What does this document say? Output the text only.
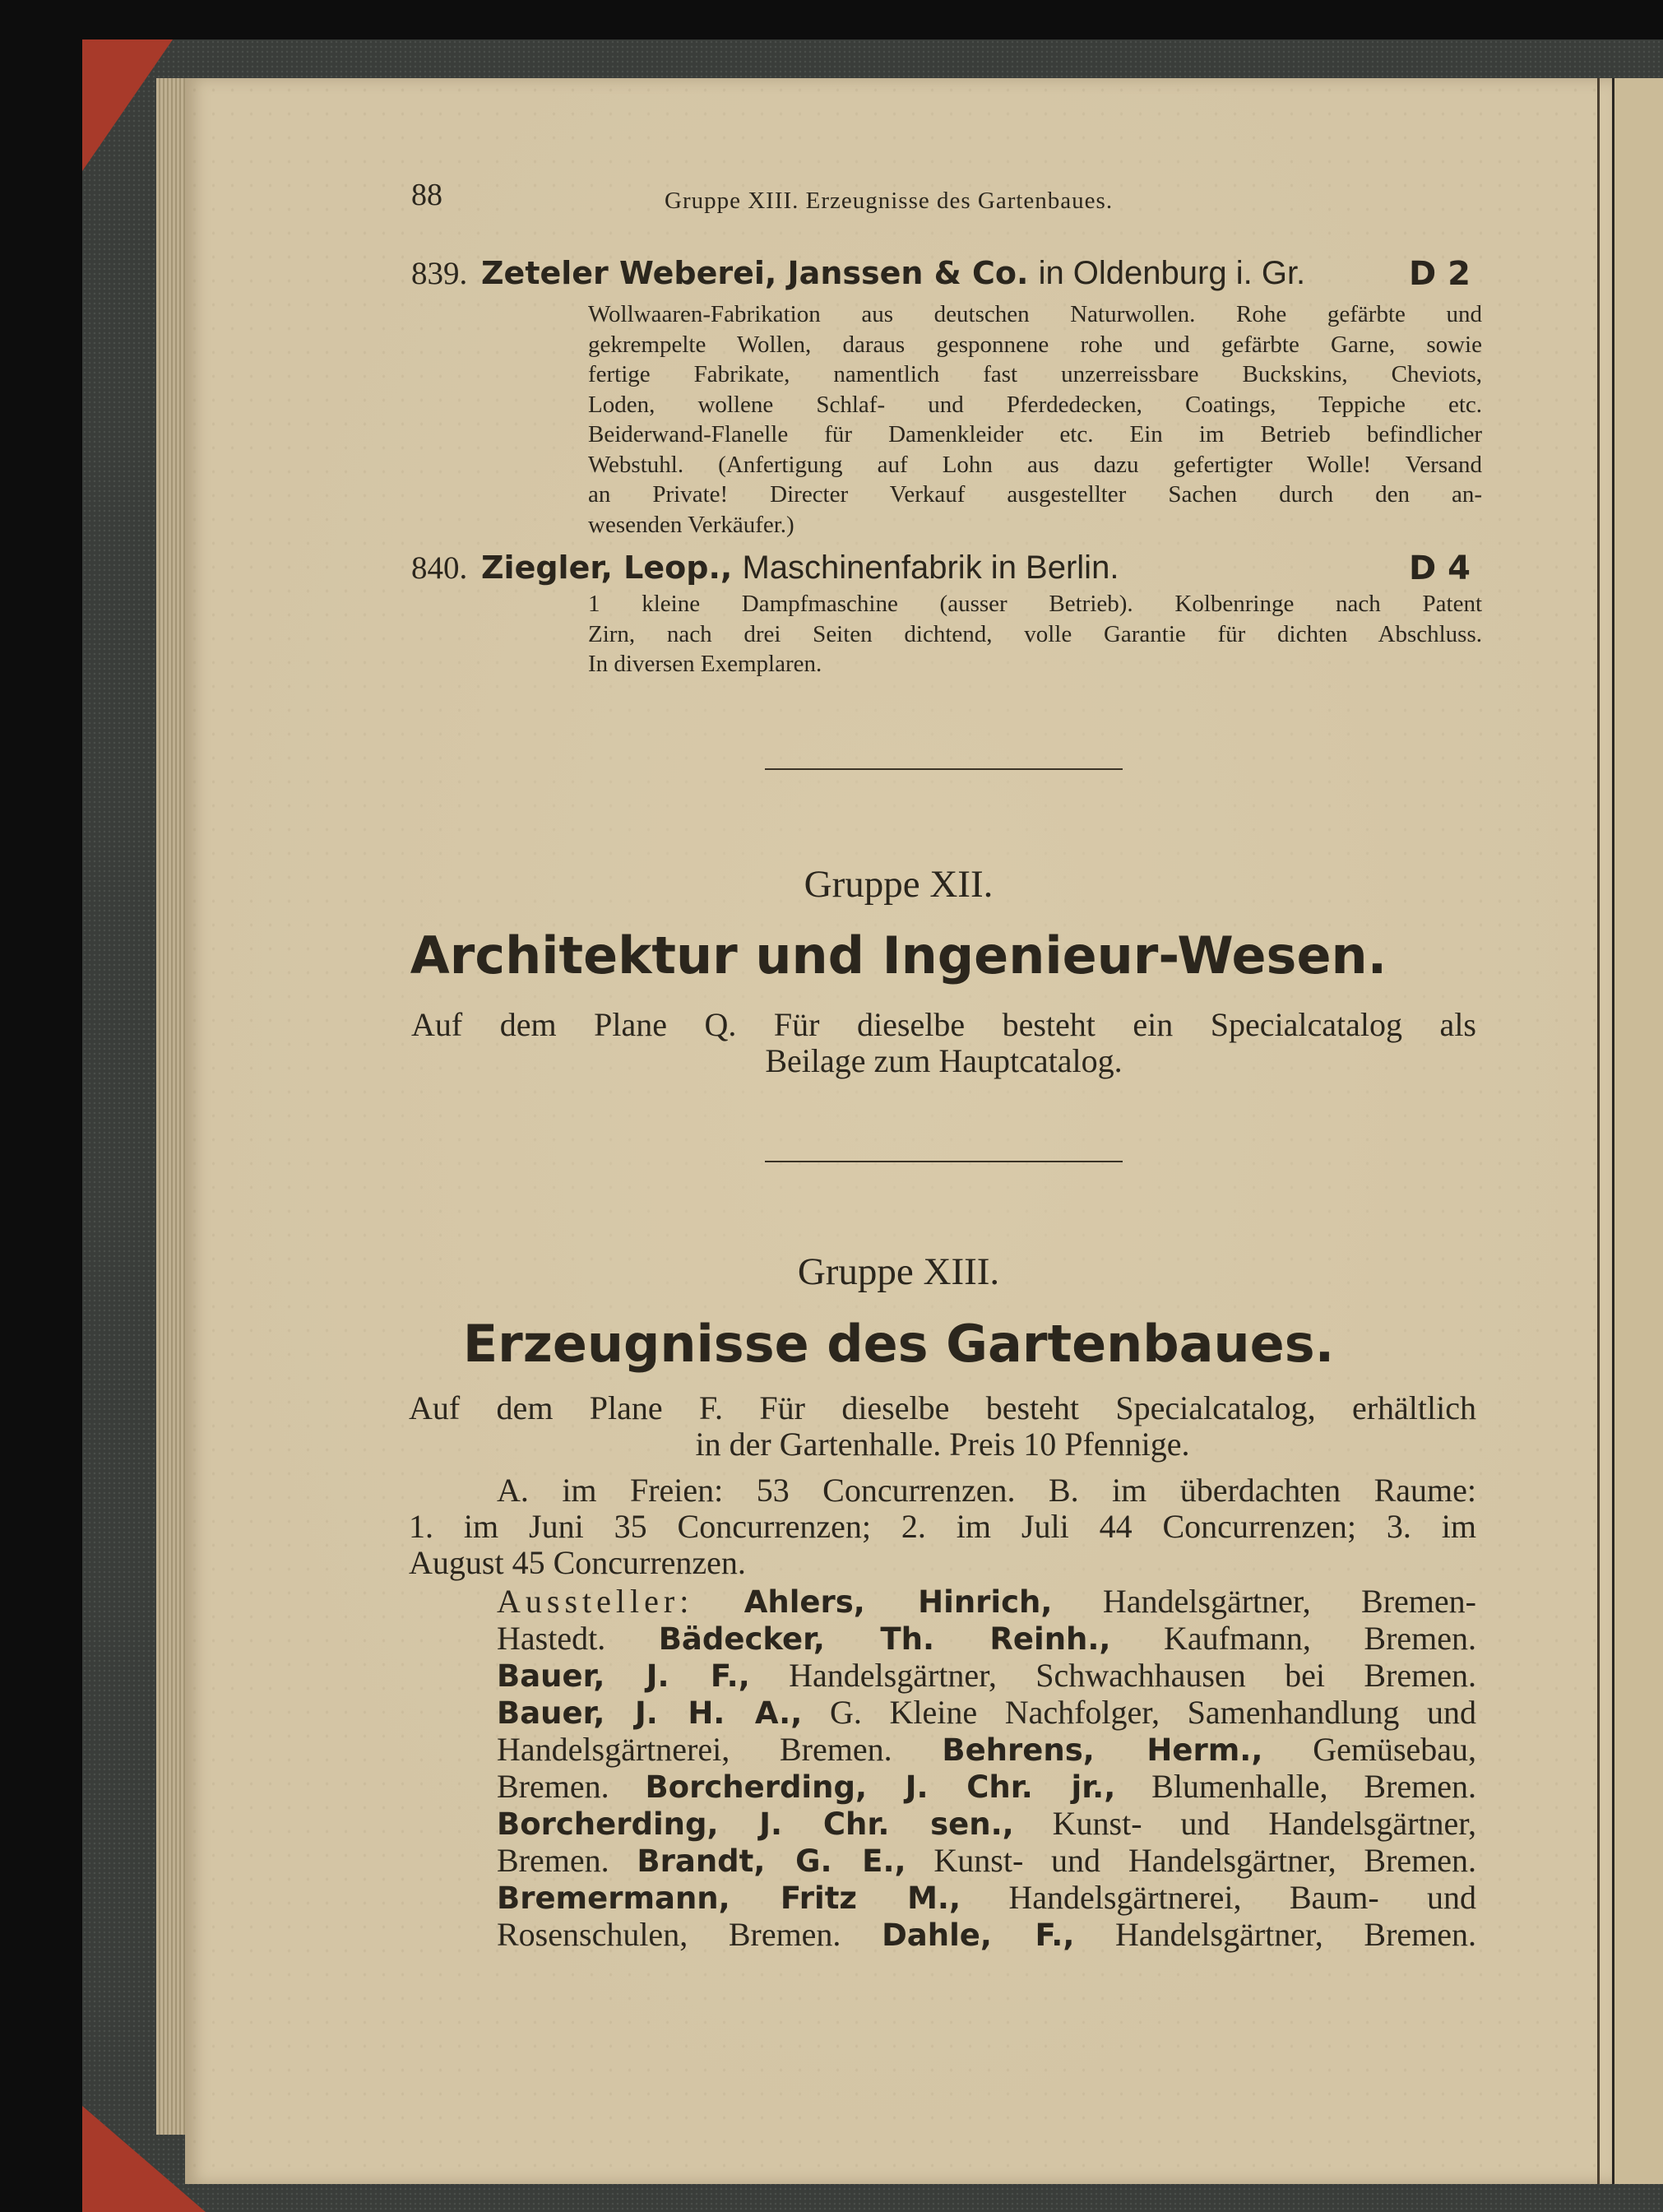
88	Gruppe XIII. Erzeugnisse des Gartenbaues.
839. Zeteler Weberei, Janssen & Co. in Oldenburg i. Gr.	D 2
Wollwaaren-Fabrikation aus deutschen Naturwollen. Rohe gefärbte und
gekrempelte Wollen, daraus gesponnene rohe und gefärbte Garne, sowie
fertige Fabrikate, namentlich fast unzerreissbare Buckskins, Cheviots,
Loden, wollene Schlaf- und Pferdedecken, Coatings, Teppiche etc.
Beiderwand-Flanelle für Damenkleider etc. Ein im Betrieb befindlicher
Webstuhl. (Anfertigung auf Lohn aus dazu gefertigter Wolle! Versand
an Private! Directer Verkauf ausgestellter Sachen durch den an-
wesenden Verkäufer.)
840. Ziegler, Leop., Maschinenfabrik in Berlin.	D 4
1 kleine Dampfmaschine (ausser Betrieb). Kolbenringe nach Patent
Zirn, nach drei Seiten dichtend, volle Garantie für dichten Abschluss.
In diversen Exemplaren.
Gruppe XII.
Architektur und Ingenieur-Wesen.
Auf dem Plane Q. Für dieselbe besteht ein Specialcatalog als
Beilage zum Hauptcatalog.
Gruppe XIII.
Erzeugnisse des Gartenbaues.
Auf dem Plane F. Für dieselbe besteht Specialcatalog, erhältlich
in der Gartenhalle. Preis 10 Pfennige.
A. im Freien: 53 Concurrenzen. B. im überdachten Raume:
1. im Juni 35 Concurrenzen; 2. im Juli 44 Concurrenzen; 3. im
August 45 Concurrenzen.
Aussteller: Ahlers, Hinrich, Handelsgärtner, Bremen-
Hastedt. Bädecker, Th. Reinh., Kaufmann, Bremen.
Bauer, J. F., Handelsgärtner, Schwachhausen bei Bremen.
Bauer, J. H. A., G. Kleine Nachfolger, Samenhandlung und
Handelsgärtnerei, Bremen. Behrens, Herm., Gemüsebau,
Bremen. Borcherding, J. Chr. jr., Blumenhalle, Bremen.
Borcherding, J. Chr. sen., Kunst- und Handelsgärtner,
Bremen. Brandt, G. E., Kunst- und Handelsgärtner, Bremen.
Bremermann, Fritz M., Handelsgärtnerei, Baum- und
Rosenschulen, Bremen. Dahle, F., Handelsgärtner, Bremen.
